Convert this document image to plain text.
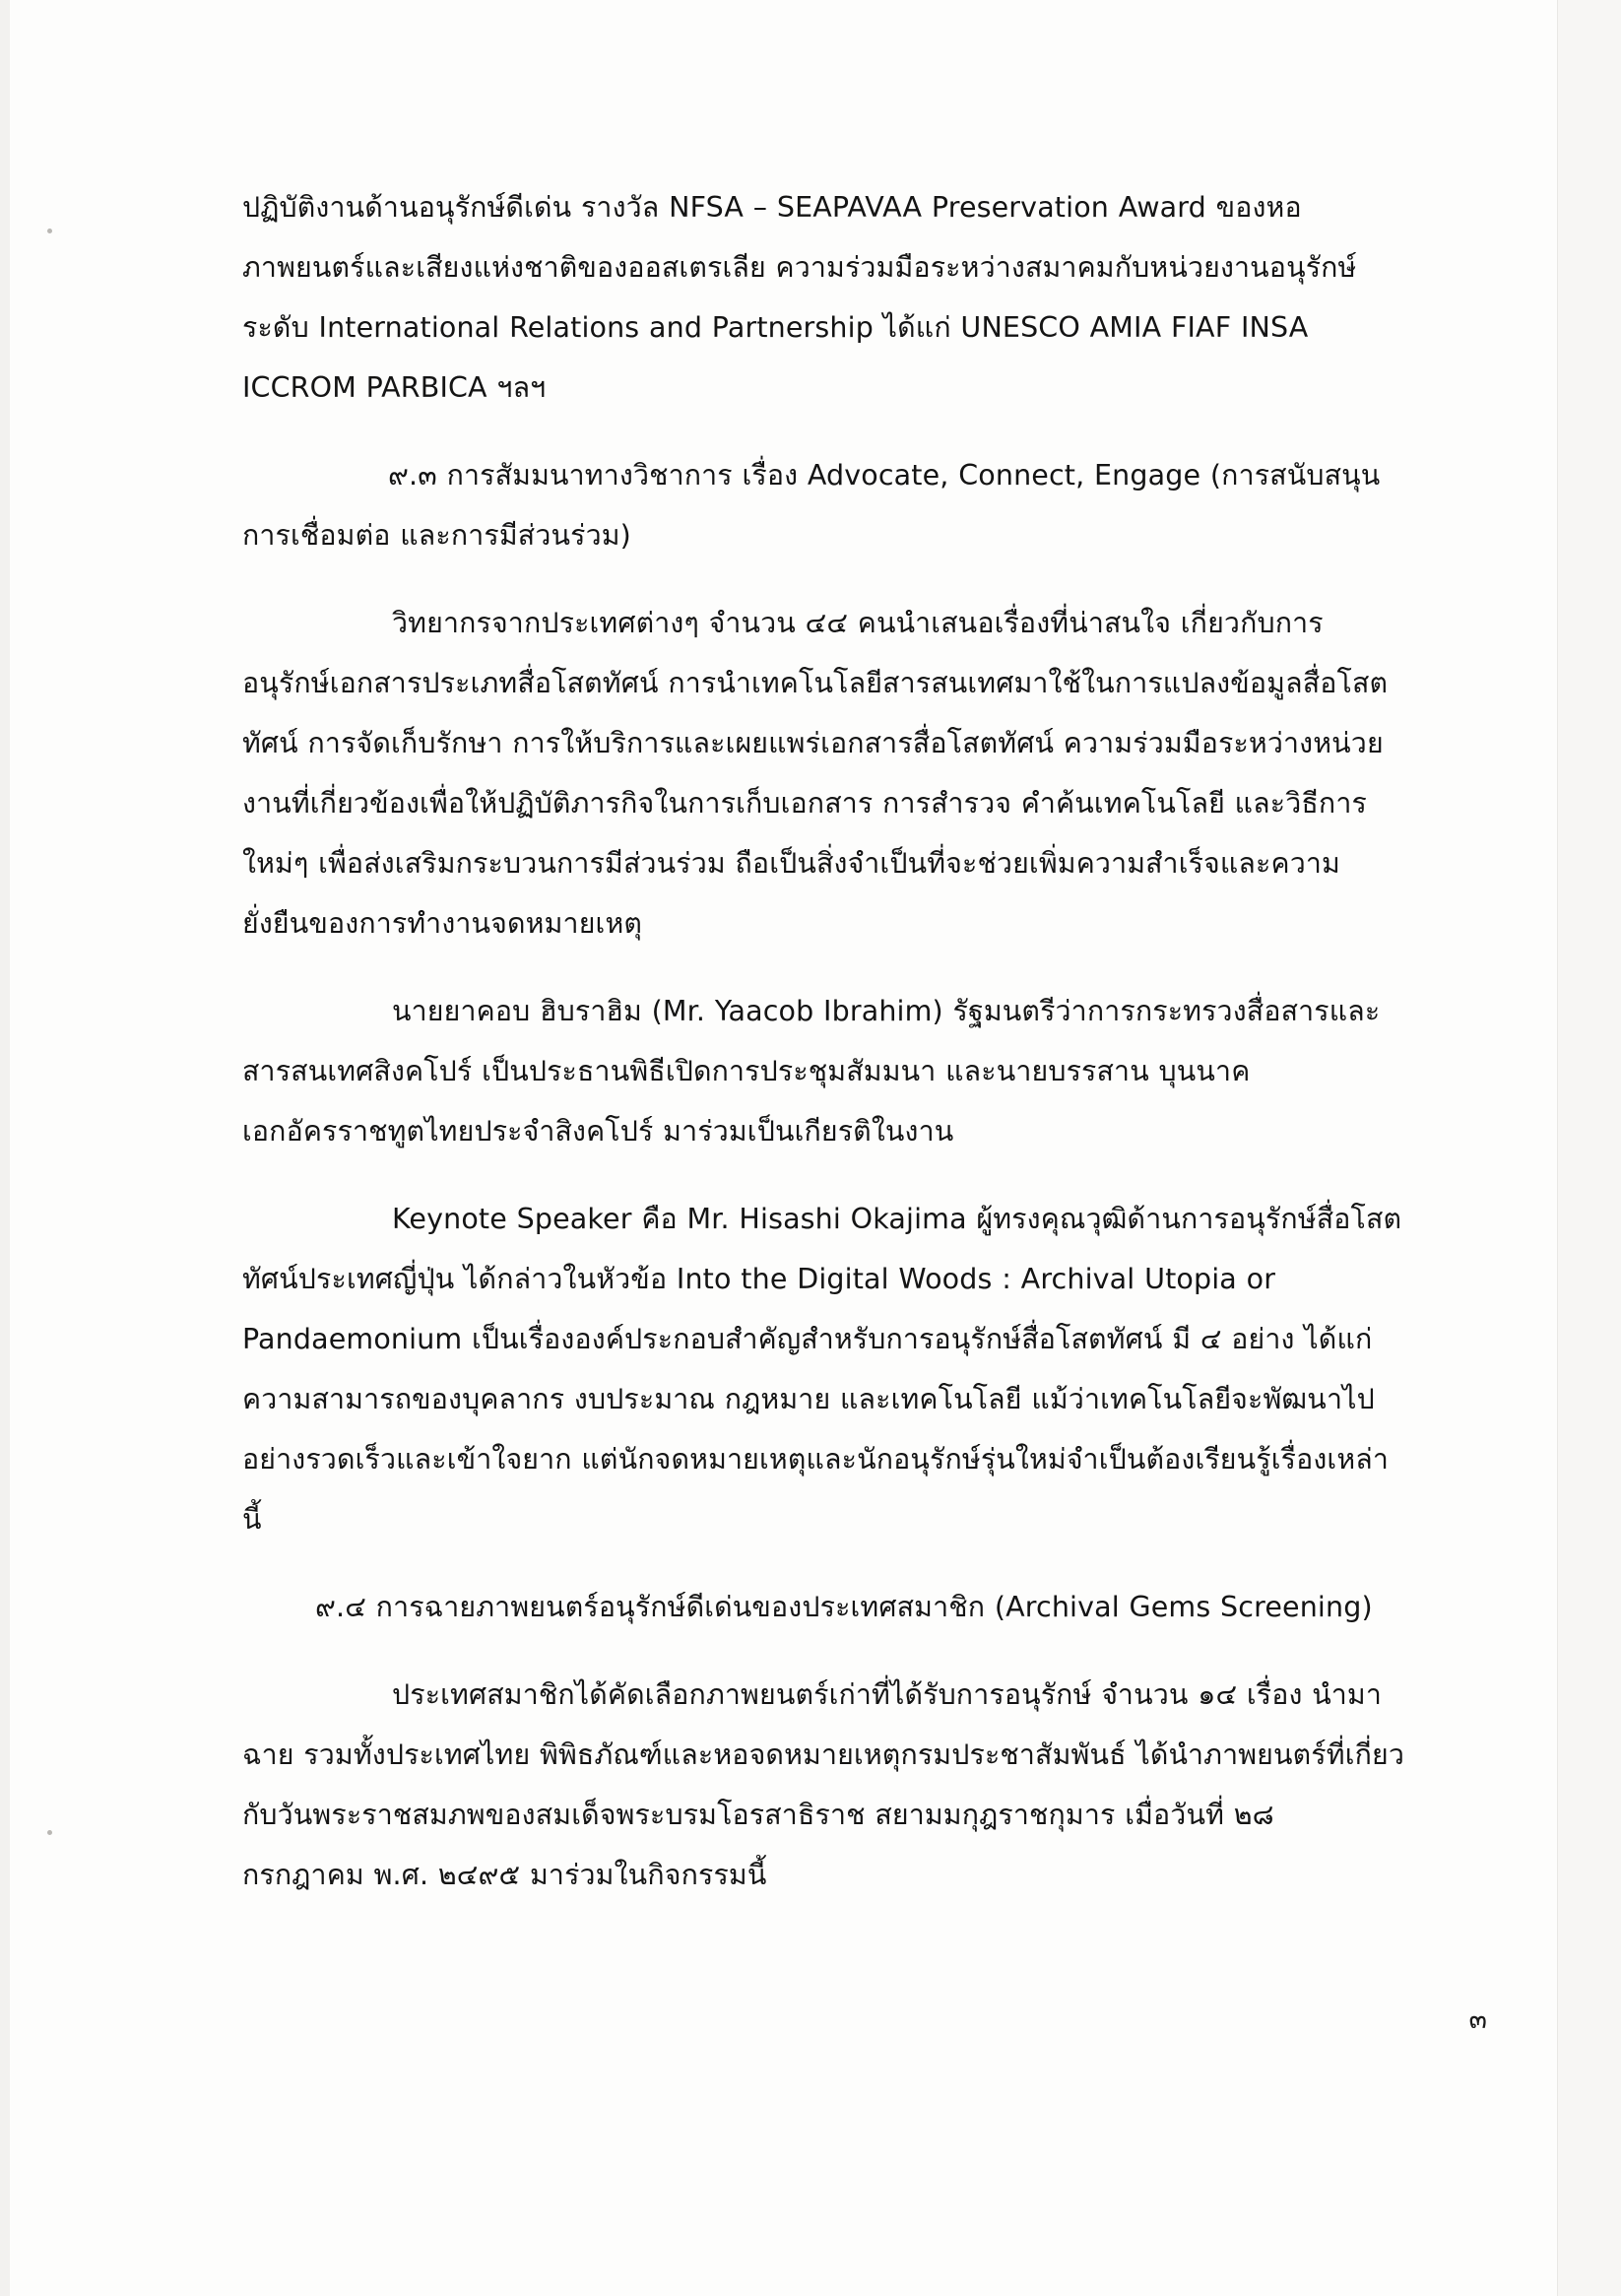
ปฏิบัติงานด้านอนุรักษ์ดีเด่น รางวัล NFSA – SEAPAVAA Preservation Award ของหอภาพยนตร์และเสียงแห่งชาติของออสเตรเลีย ความร่วมมือระหว่างสมาคมกับหน่วยงานอนุรักษ์ ระดับ International Relations and Partnership ได้แก่ UNESCO AMIA FIAF INSA ICCROM PARBICA ฯลฯ

๙.๓ การสัมมนาทางวิชาการ เรื่อง Advocate, Connect, Engage (การสนับสนุน การเชื่อมต่อ และการมีส่วนร่วม)

วิทยากรจากประเทศต่างๆ จำนวน ๔๔ คนนำเสนอเรื่องที่น่าสนใจ เกี่ยวกับการอนุรักษ์เอกสารประเภทสื่อโสตทัศน์ การนำเทคโนโลยีสารสนเทศมาใช้ในการแปลงข้อมูลสื่อโสตทัศน์ การจัดเก็บรักษา การให้บริการและเผยแพร่เอกสารสื่อโสตทัศน์ ความร่วมมือระหว่างหน่วยงานที่เกี่ยวข้องเพื่อให้ปฏิบัติภารกิจในการเก็บเอกสาร การสำรวจ คำค้นเทคโนโลยี และวิธีการใหม่ๆ เพื่อส่งเสริมกระบวนการมีส่วนร่วม ถือเป็นสิ่งจำเป็นที่จะช่วยเพิ่มความสำเร็จและความยั่งยืนของการทำงานจดหมายเหตุ

นายยาคอบ ฮิบราฮิม (Mr. Yaacob Ibrahim) รัฐมนตรีว่าการกระทรวงสื่อสารและสารสนเทศสิงคโปร์ เป็นประธานพิธีเปิดการประชุมสัมมนา และนายบรรสาน บุนนาค เอกอัครราชทูตไทยประจำสิงคโปร์ มาร่วมเป็นเกียรติในงาน

Keynote Speaker คือ Mr. Hisashi Okajima ผู้ทรงคุณวุฒิด้านการอนุรักษ์สื่อโสตทัศน์ประเทศญี่ปุ่น ได้กล่าวในหัวข้อ Into the Digital Woods : Archival Utopia or Pandaemonium เป็นเรื่ององค์ประกอบสำคัญสำหรับการอนุรักษ์สื่อโสตทัศน์ มี ๔ อย่าง ได้แก่ ความสามารถของบุคลากร งบประมาณ กฎหมาย และเทคโนโลยี แม้ว่าเทคโนโลยีจะพัฒนาไปอย่างรวดเร็วและเข้าใจยาก แต่นักจดหมายเหตุและนักอนุรักษ์รุ่นใหม่จำเป็นต้องเรียนรู้เรื่องเหล่านี้

๙.๔ การฉายภาพยนตร์อนุรักษ์ดีเด่นของประเทศสมาชิก (Archival Gems Screening)

ประเทศสมาชิกได้คัดเลือกภาพยนตร์เก่าที่ได้รับการอนุรักษ์ จำนวน ๑๔ เรื่อง นำมาฉาย รวมทั้งประเทศไทย พิพิธภัณฑ์และหอจดหมายเหตุกรมประชาสัมพันธ์ ได้นำภาพยนตร์ที่เกี่ยวกับวันพระราชสมภพของสมเด็จพระบรมโอรสาธิราช สยามมกุฎราชกุมาร เมื่อวันที่ ๒๘ กรกฎาคม พ.ศ. ๒๔๙๕ มาร่วมในกิจกรรมนี้

๓
